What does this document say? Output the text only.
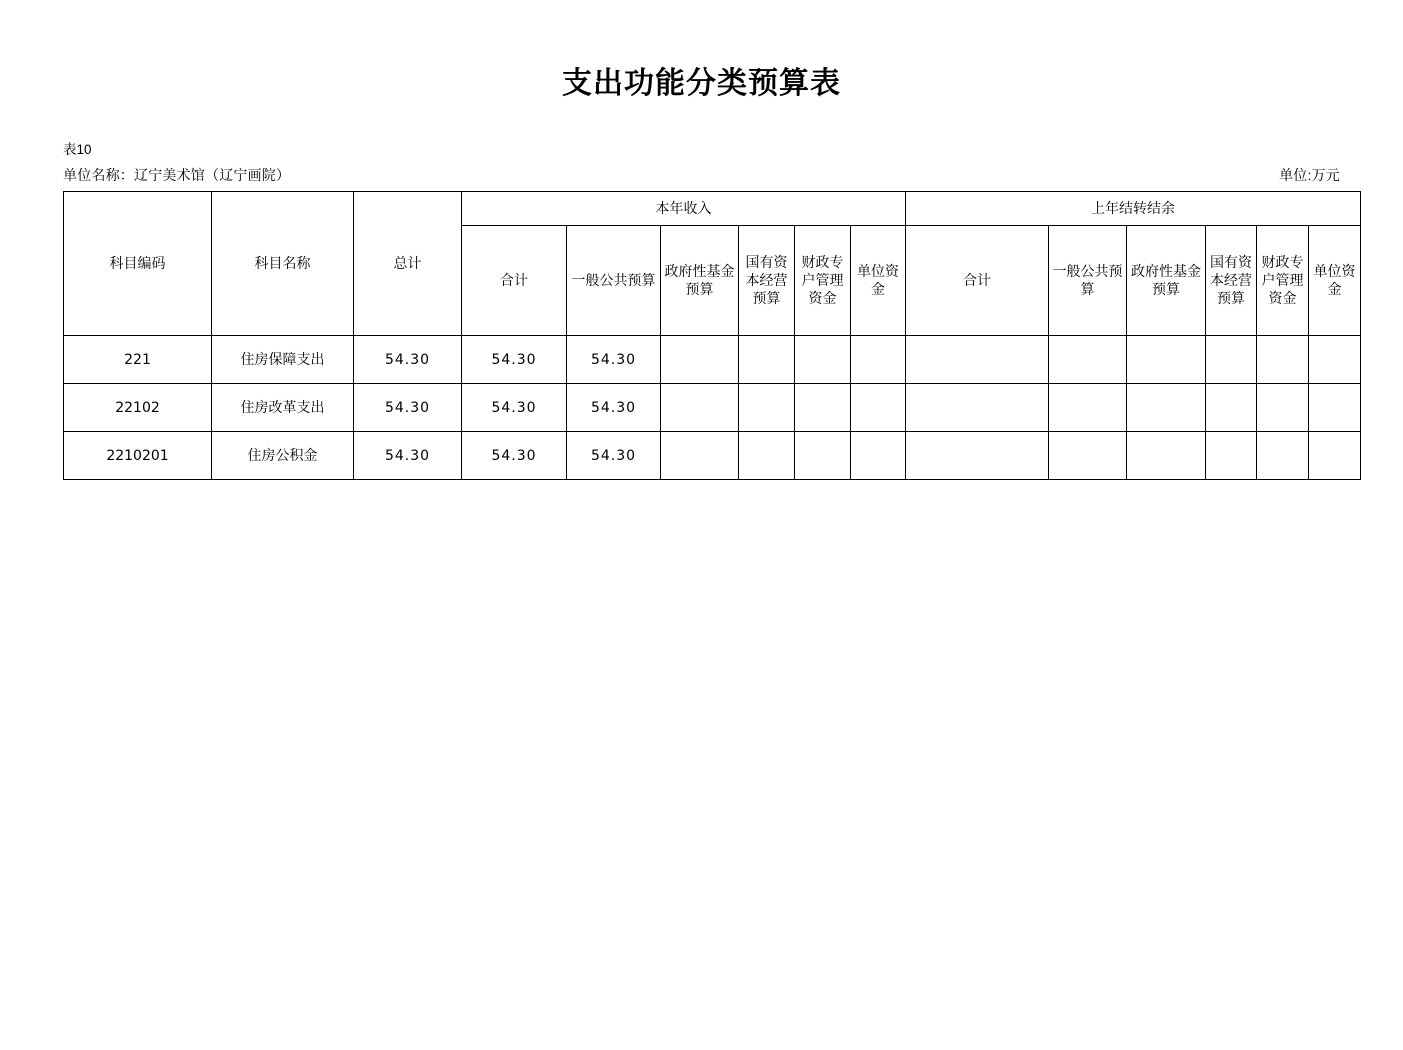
支出功能分类预算表
表10
单位名称：辽宁美术馆（辽宁画院）	单位:万元
科目编码	科目名称	总计	本年收入						上年结转结余					
			合计	一般公共预算	政府性基金预算	国有资本经营预算	财政专户管理资金	单位资金	合计	一般公共预算	政府性基金预算	国有资本经营预算	财政专户管理资金	单位资金
221	住房保障支出	54.30	54.30	54.30										
22102	住房改革支出	54.30	54.30	54.30										
2210201	住房公积金	54.30	54.30	54.30										
